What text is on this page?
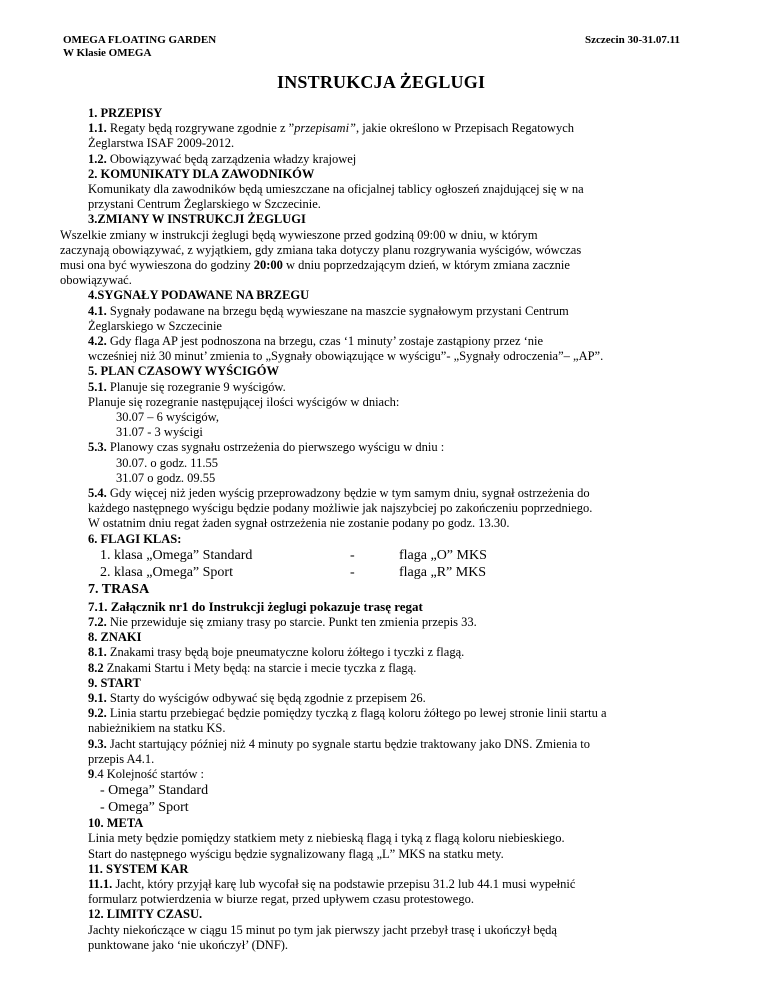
OMEGA FLOATING GARDEN
W Klasie OMEGA
Szczecin 30-31.07.11
INSTRUKCJA ŻEGLUGI
1. PRZEPISY
1.1. Regaty będą rozgrywane zgodnie z ”przepisami”, jakie określono w Przepisach Regatowych
Żeglarstwa ISAF 2009-2012.
1.2. Obowiązywać będą zarządzenia władzy krajowej
2. KOMUNIKATY DLA ZAWODNIKÓW
Komunikaty dla zawodników będą umieszczane na oficjalnej tablicy ogłoszeń znajdującej się w na
przystani Centrum Żeglarskiego w Szczecinie.
3.ZMIANY W INSTRUKCJI ŻEGLUGI
Wszelkie zmiany w instrukcji żeglugi będą wywieszone przed godziną 09:00 w dniu, w którym
zaczynają obowiązywać, z wyjątkiem, gdy zmiana taka dotyczy planu rozgrywania wyścigów, wówczas
musi ona być wywieszona do godziny 20:00 w dniu poprzedzającym dzień, w którym zmiana zacznie
obowiązywać.
4.SYGNAŁY PODAWANE NA BRZEGU
4.1. Sygnały podawane na brzegu będą wywieszane na maszcie sygnałowym przystani Centrum
Żeglarskiego w Szczecinie
4.2. Gdy flaga AP jest podnoszona na brzegu, czas ‘1 minuty’ zostaje zastąpiony przez ‘nie
wcześniej niż 30 minut’ zmienia to „Sygnały obowiązujące w wyścigu”- „Sygnały odroczenia”– „AP”.
5. PLAN CZASOWY WYŚCIGÓW
5.1. Planuje się rozegranie 9 wyścigów.
Planuje się rozegranie następującej ilości wyścigów w dniach:
30.07 – 6 wyścigów,
31.07 - 3 wyścigi
5.3. Planowy czas sygnału ostrzeżenia do pierwszego wyścigu w dniu :
30.07. o godz. 11.55
31.07 o godz. 09.55
5.4. Gdy więcej niż jeden wyścig przeprowadzony będzie w tym samym dniu, sygnał ostrzeżenia do
każdego następnego wyścigu będzie podany możliwie jak najszybciej po zakończeniu poprzedniego.
W ostatnim dniu regat żaden sygnał ostrzeżenia nie zostanie podany po godz. 13.30.
6. FLAGI KLAS:
1. klasa „Omega” Standard	-	flaga „O” MKS
2. klasa „Omega” Sport	-	flaga „R” MKS
7. TRASA
7.1. Załącznik nr1 do Instrukcji żeglugi pokazuje trasę regat
7.2. Nie przewiduje się zmiany trasy po starcie. Punkt ten zmienia przepis 33.
8. ZNAKI
8.1. Znakami trasy będą boje pneumatyczne koloru żółtego i tyczki z flagą.
8.2 Znakami Startu i Mety będą: na starcie i mecie tyczka z flagą.
9. START
9.1. Starty do wyścigów odbywać się będą zgodnie z przepisem 26.
9.2. Linia startu przebiegać będzie pomiędzy tyczką z flagą koloru żółtego po lewej stronie linii startu a
nabieżnikiem na statku KS.
9.3. Jacht startujący później niż 4 minuty po sygnale startu będzie traktowany jako DNS. Zmienia to
przepis A4.1.
9.4 Kolejność startów :
- Omega” Standard
- Omega” Sport
10. META
Linia mety będzie pomiędzy statkiem mety z niebieską flagą i tyką z flagą koloru niebieskiego.
Start do następnego wyścigu będzie sygnalizowany flagą „L” MKS na statku mety.
11. SYSTEM KAR
11.1. Jacht, który przyjął karę lub wycofał się na podstawie przepisu 31.2 lub 44.1 musi wypełnić
formularz potwierdzenia w biurze regat, przed upływem czasu protestowego.
12. LIMITY CZASU.
Jachty niekończące w ciągu 15 minut po tym jak pierwszy jacht przebył trasę i ukończył będą
punktowane jako ‘nie ukończył’ (DNF).
